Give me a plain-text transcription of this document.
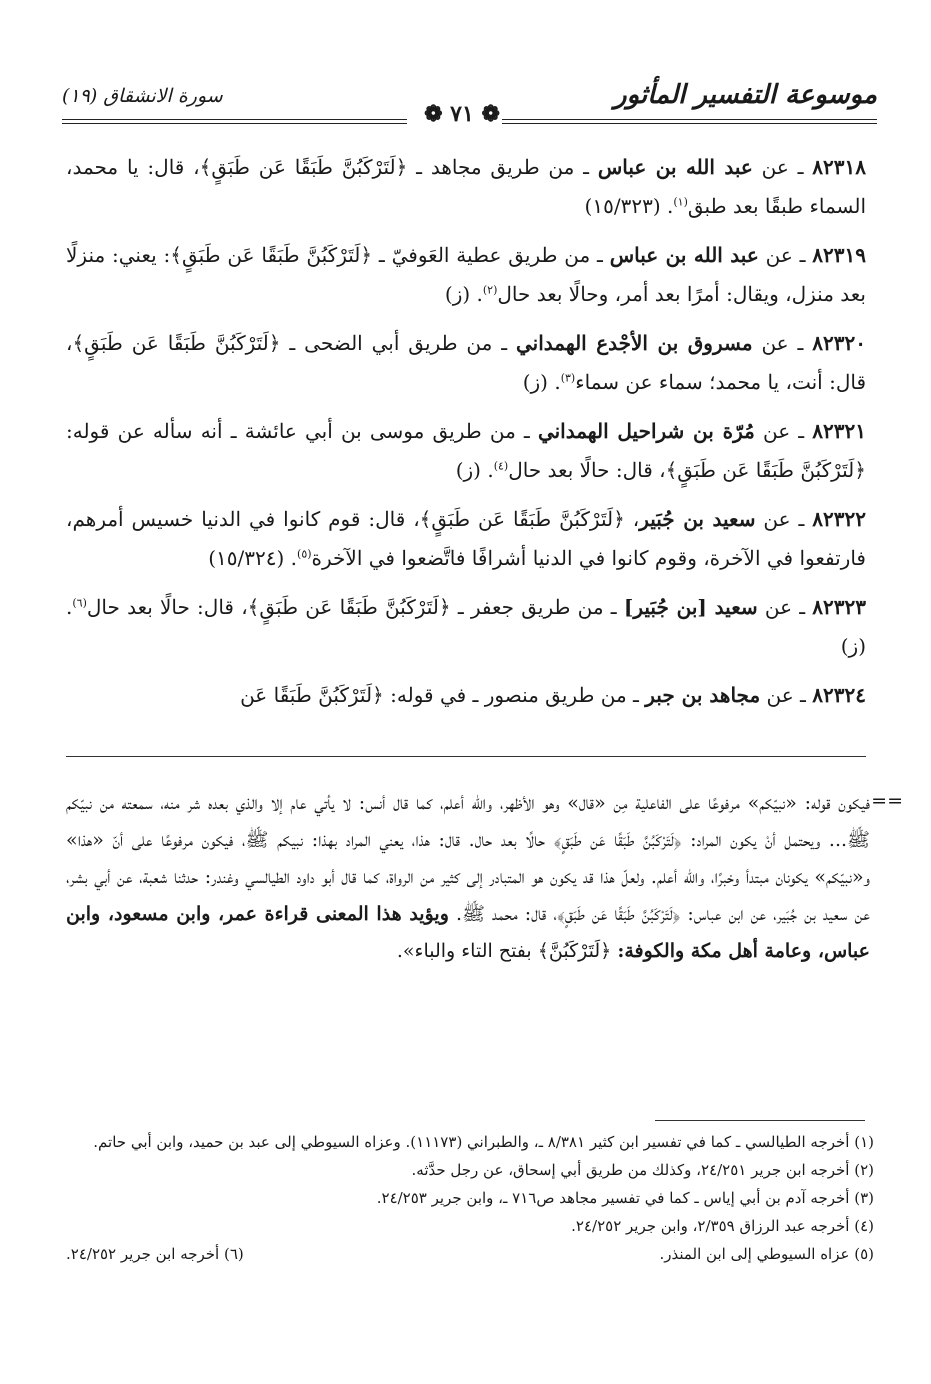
موسوعة التفسير المأثور
سورة الانشقاق (١٩)
❁ ٧١ ❁
٨٢٣١٨ ـ عن عبد الله بن عباس ـ من طريق مجاهد ـ ﴿لَتَرْكَبُنَّ طَبَقًا عَن طَبَقٍ﴾، قال: يا محمد، السماء طبقًا بعد طبق$^{(١)}$. (١٥/٣٢٣)
٨٢٣١٩ ـ عن عبد الله بن عباس ـ من طريق عطية العَوفيّ ـ ﴿لَتَرْكَبُنَّ طَبَقًا عَن طَبَقٍ﴾: يعني: منزلًا بعد منزل، ويقال: أمرًا بعد أمر، وحالًا بعد حال$^{(٢)}$. (ز)
٨٢٣٢٠ ـ عن مسروق بن الأجْدع الهمداني ـ من طريق أبي الضحى ـ ﴿لَتَرْكَبُنَّ طَبَقًا عَن طَبَقٍ﴾، قال: أنت، يا محمد؛ سماء عن سماء$^{(٣)}$. (ز)
٨٢٣٢١ ـ عن مُرّة بن شراحيل الهمداني ـ من طريق موسى بن أبي عائشة ـ أنه سأله عن قوله: ﴿لَتَرْكَبُنَّ طَبَقًا عَن طَبَقٍ﴾، قال: حالًا بعد حال$^{(٤)}$. (ز)
٨٢٣٢٢ ـ عن سعيد بن جُبَير، ﴿لَتَرْكَبُنَّ طَبَقًا عَن طَبَقٍ﴾، قال: قوم كانوا في الدنيا خسيس أمرهم، فارتفعوا في الآخرة، وقوم كانوا في الدنيا أشرافًا فاتَّضعوا في الآخرة$^{(٥)}$. (١٥/٣٢٤)
٨٢٣٢٣ ـ عن سعيد [بن جُبَير] ـ من طريق جعفر ـ ﴿لَتَرْكَبُنَّ طَبَقًا عَن طَبَقٍ﴾، قال: حالًا بعد حال$^{(٦)}$. (ز)
٨٢٣٢٤ ـ عن مجاهد بن جبر ـ من طريق منصور ـ في قوله: ﴿لَتَرْكَبُنَّ طَبَقًا عَن
==
فيكون قوله: «نبيّكم» مرفوعًا على الفاعلية مِن «قال» وهو الأظهر، والله أعلم، كما قال أنس: لا يأتي عام إلا والذي بعده شر منه، سمعته من نبيّكم ﷺ... ويحتمل أنْ يكون المراد: ﴿لَتَرْكَبُنَّ طَبَقًا عَن طَبَقٍ﴾ حالًا بعد حال. قال: هذا، يعني المراد بهذا: نبيكم ﷺ، فيكون مرفوعًا على أنّ «هذا» و«نبيّكم» يكونان مبتدأ وخبرًا، والله أعلم. ولعلّ هذا قد يكون هو المتبادر إلى كثير من الرواة، كما قال أبو داود الطيالسي وغندر: حدثنا شعبة، عن أبي بشر، عن سعيد بن جُبَير، عن ابن عباس: ﴿لَتَرْكَبُنَّ طَبَقًا عَن طَبَقٍ﴾، قال: محمد ﷺ. ويؤيد هذا المعنى قراءة عمر، وابن مسعود، وابن عباس، وعامة أهل مكة والكوفة: ﴿لَتَرْكَبُنَّ﴾ بفتح التاء والباء».
(١) أخرجه الطيالسي ـ كما في تفسير ابن كثير ٨/٣٨١ ـ، والطبراني (١١١٧٣). وعزاه السيوطي إلى عبد بن حميد، وابن أبي حاتم.
(٢) أخرجه ابن جرير ٢٤/٢٥١، وكذلك من طريق أبي إسحاق، عن رجل حدَّثه.
(٣) أخرجه آدم بن أبي إياس ـ كما في تفسير مجاهد ص٧١٦ ـ، وابن جرير ٢٤/٢٥٣.
(٤) أخرجه عبد الرزاق ٢/٣٥٩، وابن جرير ٢٤/٢٥٢.
(٥) عزاه السيوطي إلى ابن المنذر.
(٦) أخرجه ابن جرير ٢٤/٢٥٢.
